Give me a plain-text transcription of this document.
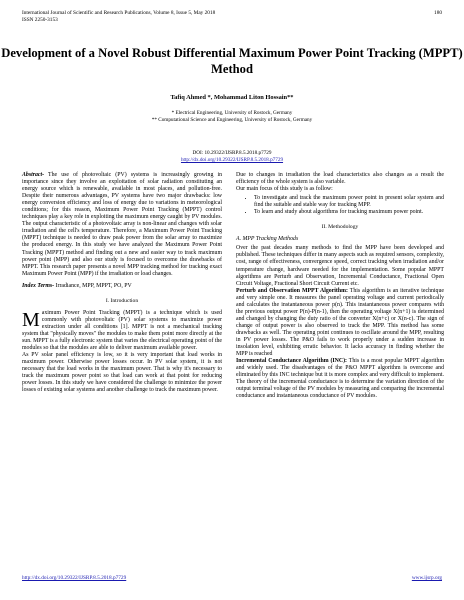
International Journal of Scientific and Research Publications, Volume 8, Issue 5, May 2018
ISSN 2250-3153
180
Development of a Novel Robust Differential Maximum Power Point Tracking (MPPT) Method
Tafiq Ahmed *, Mohammad Liton Hossain**
* Electrical Engineering, University of Rostock, Germany
** Computational Science and Engineering, University of Rostock, Germany
DOI: 10.29322/IJSRP.8.5.2018.p7729
http://dx.doi.org/10.29322/IJSRP.8.5.2018.p7729

Abstract- The use of photovoltaic (PV) systems is increasingly growing in importance since they involve an exploitation of solar radiation constituting an energy source which is renewable, available in most places, and pollution-free. Despite their numerous advantages, PV systems have two major drawbacks: low energy conversion efficiency and loss of energy due to variations in meteorological conditions; for this reason, Maximum Power Point Tracking (MPPT) control techniques play a key role in exploiting the maximum energy caught by PV modules. The output characteristic of a photovoltaic array is non-linear and changes with solar irradiation and the cell's temperature. Therefore, a Maximum Power Point Tracking (MPPT) technique is needed to draw peak power from the solar array to maximize the produced energy. In this study we have analyzed the Maximum Power Point Tracking (MPPT) method and finding out a new and easier way to track maximum power point (MPP) and also our study is focused to overcome the drawbacks of MPPT. This research paper presents a novel MPP tracking method for tracking exact Maximum Power Point (MPP) if the irradiation or load changes.

Index Terms- Irradiance, MPP, MPPT, PO, PV

I. Introduction

Maximum Power Point Tracking (MPPT) is a technique which is used commonly with photovoltaic (PV) solar systems to maximize power extraction under all conditions [1]. MPPT is not a mechanical tracking system that "physically moves" the modules to make them point more directly at the sun. MPPT is a fully electronic system that varies the electrical operating point of the modules so that the modules are able to deliver maximum available power.

As PV solar panel efficiency is low, so it is very important that load works in maximum power. Otherwise power losses occur. In PV solar system, it is not necessary that the load works in the maximum power. That is why it's necessary to track the maximum power point so that load can work at that point for reducing power losses. In this study we have considered the challenge to minimize the power losses of existing solar systems and another challenge to track the maximum power.

Due to changes in irradiation the load characteristics also changes as a result the efficiency of the whole system is also variable.

Our main focus of this study is as follow:

• To investigate and track the maximum power point in present solar system and find the suitable and stable way for tracking MPP.
• To learn and study about algorithms for tracking maximum power point.
II. Methodology
A. MPP Tracking Methods

Over the past decades many methods to find the MPP have been developed and published. These techniques differ in many aspects such as required sensors, complexity, cost, range of effectiveness, convergence speed, correct tracking when irradiation and/or temperature change, hardware needed for the implementation. Some popular MPPT algorithms are Perturb and Observation, Incremental Conductance, Fractional Open Circuit Voltage, Fractional Short Circuit Current etc.

Perturb and Observation MPPT Algorithm: This algorithm is an iterative technique and very simple one. It measures the panel operating voltage and current periodically and calculates the instantaneous power p(n). This instantaneous power compares with the previous output power P(n)-P(n-1), then the operating voltage X(n+1) is determined and changed by changing the duty ratio of the converter X(n+c) or X(n-c). The sign of change of output power is also observed to track the MPP. This method has some drawbacks as well. The operating point continues to oscillate around the MPP, resulting in PV power losses. The P&O fails to work properly under a sudden increase in insolation level, exhibiting erratic behavior. It lacks accuracy in finding whether the MPP is reached

Incremental Conductance Algorithm (INC): This is a most popular MPPT algorithm and widely used. The disadvantages of the P&O MPPT algorithm is overcome and eliminated by this INC technique but it is more complex and very difficult to implement. The theory of the incremental conductance is to determine the variation direction of the output terminal voltage of the PV modules by measuring and comparing the incremental conductance and instantaneous conductance of PV modules.

http://dx.doi.org/10.29322/IJSRP.8.5.2018.p7729	www.ijsrp.org
